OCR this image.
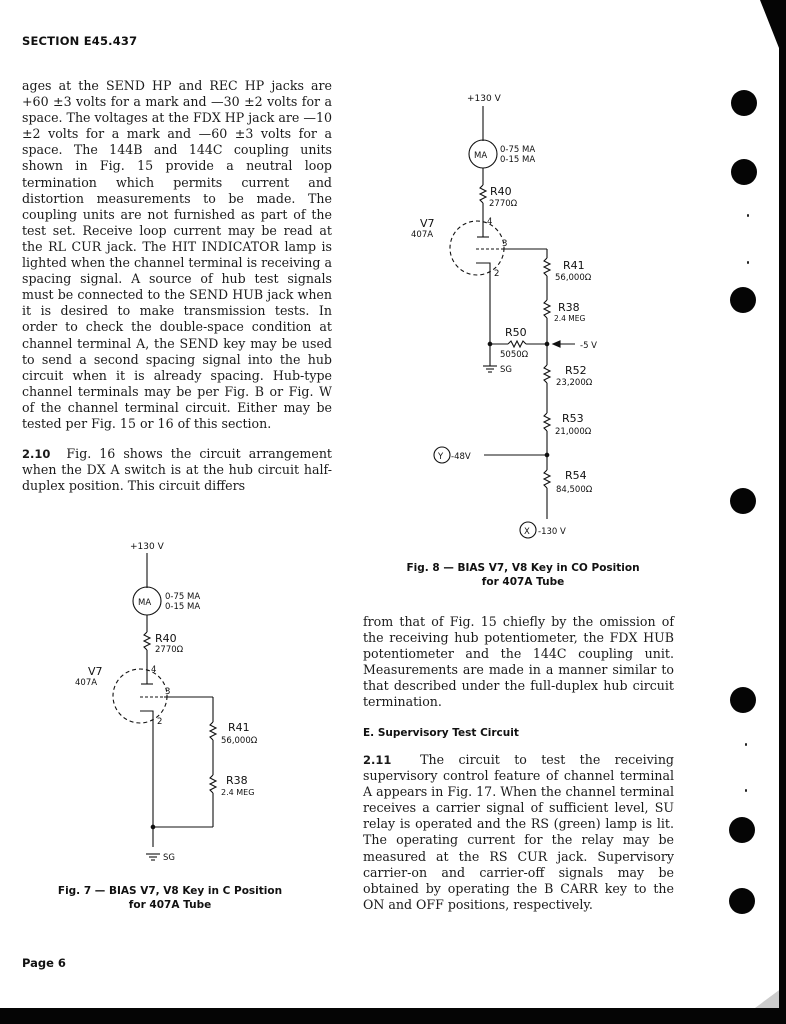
SECTION E45.437

ages at the SEND HP and REC HP jacks are +60 ±3 volts for a mark and —30 ±2 volts for a space. The voltages at the FDX HP jack are —10 ±2 volts for a mark and —60 ±3 volts for a space. The 144B and 144C coupling units shown in Fig. 15 provide a neutral loop termination which permits current and distortion measurements to be made. The coupling units are not furnished as part of the test set. Receive loop current may be read at the RL CUR jack. The HIT INDICATOR lamp is lighted when the channel terminal is receiving a spacing signal. A source of hub test signals must be connected to the SEND HUB jack when it is desired to make transmission tests. In order to check the double-space condition at channel terminal A, the SEND key may be used to send a second spacing signal into the hub circuit when it is already spacing. Hub-type channel terminals may be per Fig. B or Fig. W of the channel terminal circuit. Either may be tested per Fig. 15 or 16 of this section.

2.10 Fig. 16 shows the circuit arrangement when the DX A switch is at the hub circuit half-duplex position. This circuit differs

from that of Fig. 15 chiefly by the omission of the receiving hub potentiometer, the FDX HUB potentiometer and the 144C coupling unit. Measurements are made in a manner similar to that described under the full-duplex hub circuit termination.

E. Supervisory Test Circuit

2.11 The circuit to test the receiving supervisory control feature of channel terminal A appears in Fig. 17. When the channel terminal receives a carrier signal of sufficient level, SU relay is operated and the RS (green) lamp is lit. The operating current for the relay may be measured at the RS CUR jack. Supervisory carrier-on and carrier-off signals may be obtained by operating the B CARR key to the ON and OFF positions, respectively.

+130 V
MA
0-75 MA
0-15 MA
R40
2770Ω
V7
407A
4
3
2
R41
56,000Ω
R38
2.4 MEG
R50
5050Ω
-5 V
SG	R52
23,200Ω
R53
21,000Ω
Y -48V
R54
84,500Ω
X -130 V
Fig. 8 — BIAS V7, V8 Key in CO Position
for 407A Tube
+130 V
MA
0-75 MA
0-15 MA
R40
2770Ω
V7
407A
4
3
2	R41
56,000Ω
R38
2.4 MEG
SG
Fig. 7 — BIAS V7, V8 Key in C Position
for 407A Tube
Page 6
